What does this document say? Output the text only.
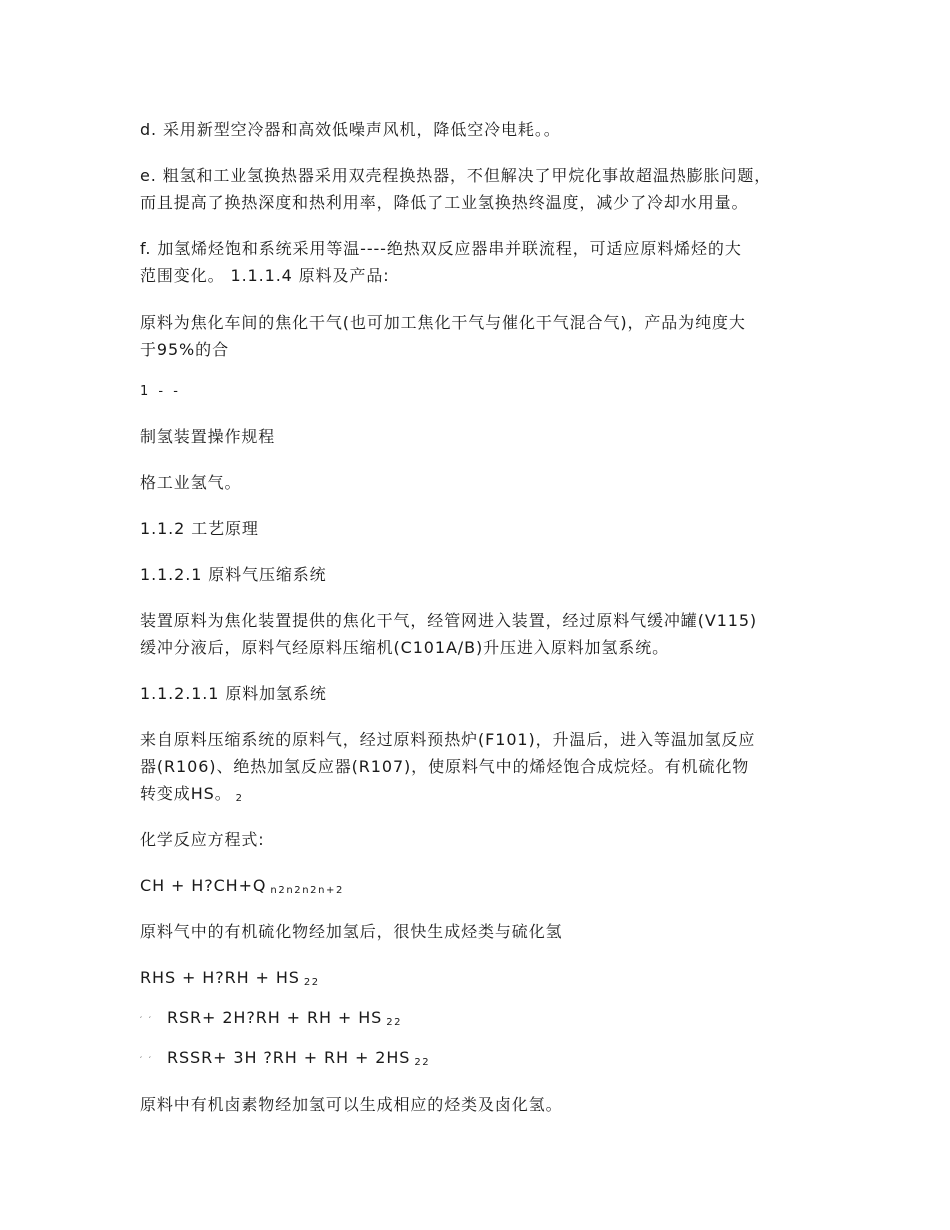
d. 采用新型空冷器和高效低噪声风机，降低空冷电耗。。
e. 粗氢和工业氢换热器采用双壳程换热器，不但解决了甲烷化事故超温热膨胀问题，
而且提高了换热深度和热利用率，降低了工业氢换热终温度，减少了冷却水用量。
f. 加氢烯烃饱和系统采用等温----绝热双反应器串并联流程，可适应原料烯烃的大
范围变化。 1.1.1.4 原料及产品:
原料为焦化车间的焦化干气(也可加工焦化干气与催化干气混合气)，产品为纯度大
于95%的合
1 - -
制氢装置操作规程
格工业氢气。
1.1.2 工艺原理
1.1.2.1 原料气压缩系统
装置原料为焦化装置提供的焦化干气，经管网进入装置，经过原料气缓冲罐(V115)
缓冲分液后，原料气经原料压缩机(C101A/B)升压进入原料加氢系统。
1.1.2.1.1 原料加氢系统
来自原料压缩系统的原料气，经过原料预热炉(F101)，升温后，进入等温加氢反应
器(R106)、绝热加氢反应器(R107)，使原料气中的烯烃饱合成烷烃。有机硫化物
转变成HS。 $_2$
化学反应方程式:
CH + H?CH+Q $_{n2n2n2n+2}$
原料气中的有机硫化物经加氢后，很快生成烃类与硫化氢
RHS + H?RH + HS $_{22}$
′ ′ RSR+ 2H?RH + RH + HS $_{22}$
′ ′ RSSR+ 3H ?RH + RH + 2HS $_{22}$
原料中有机卤素物经加氢可以生成相应的烃类及卤化氢。
